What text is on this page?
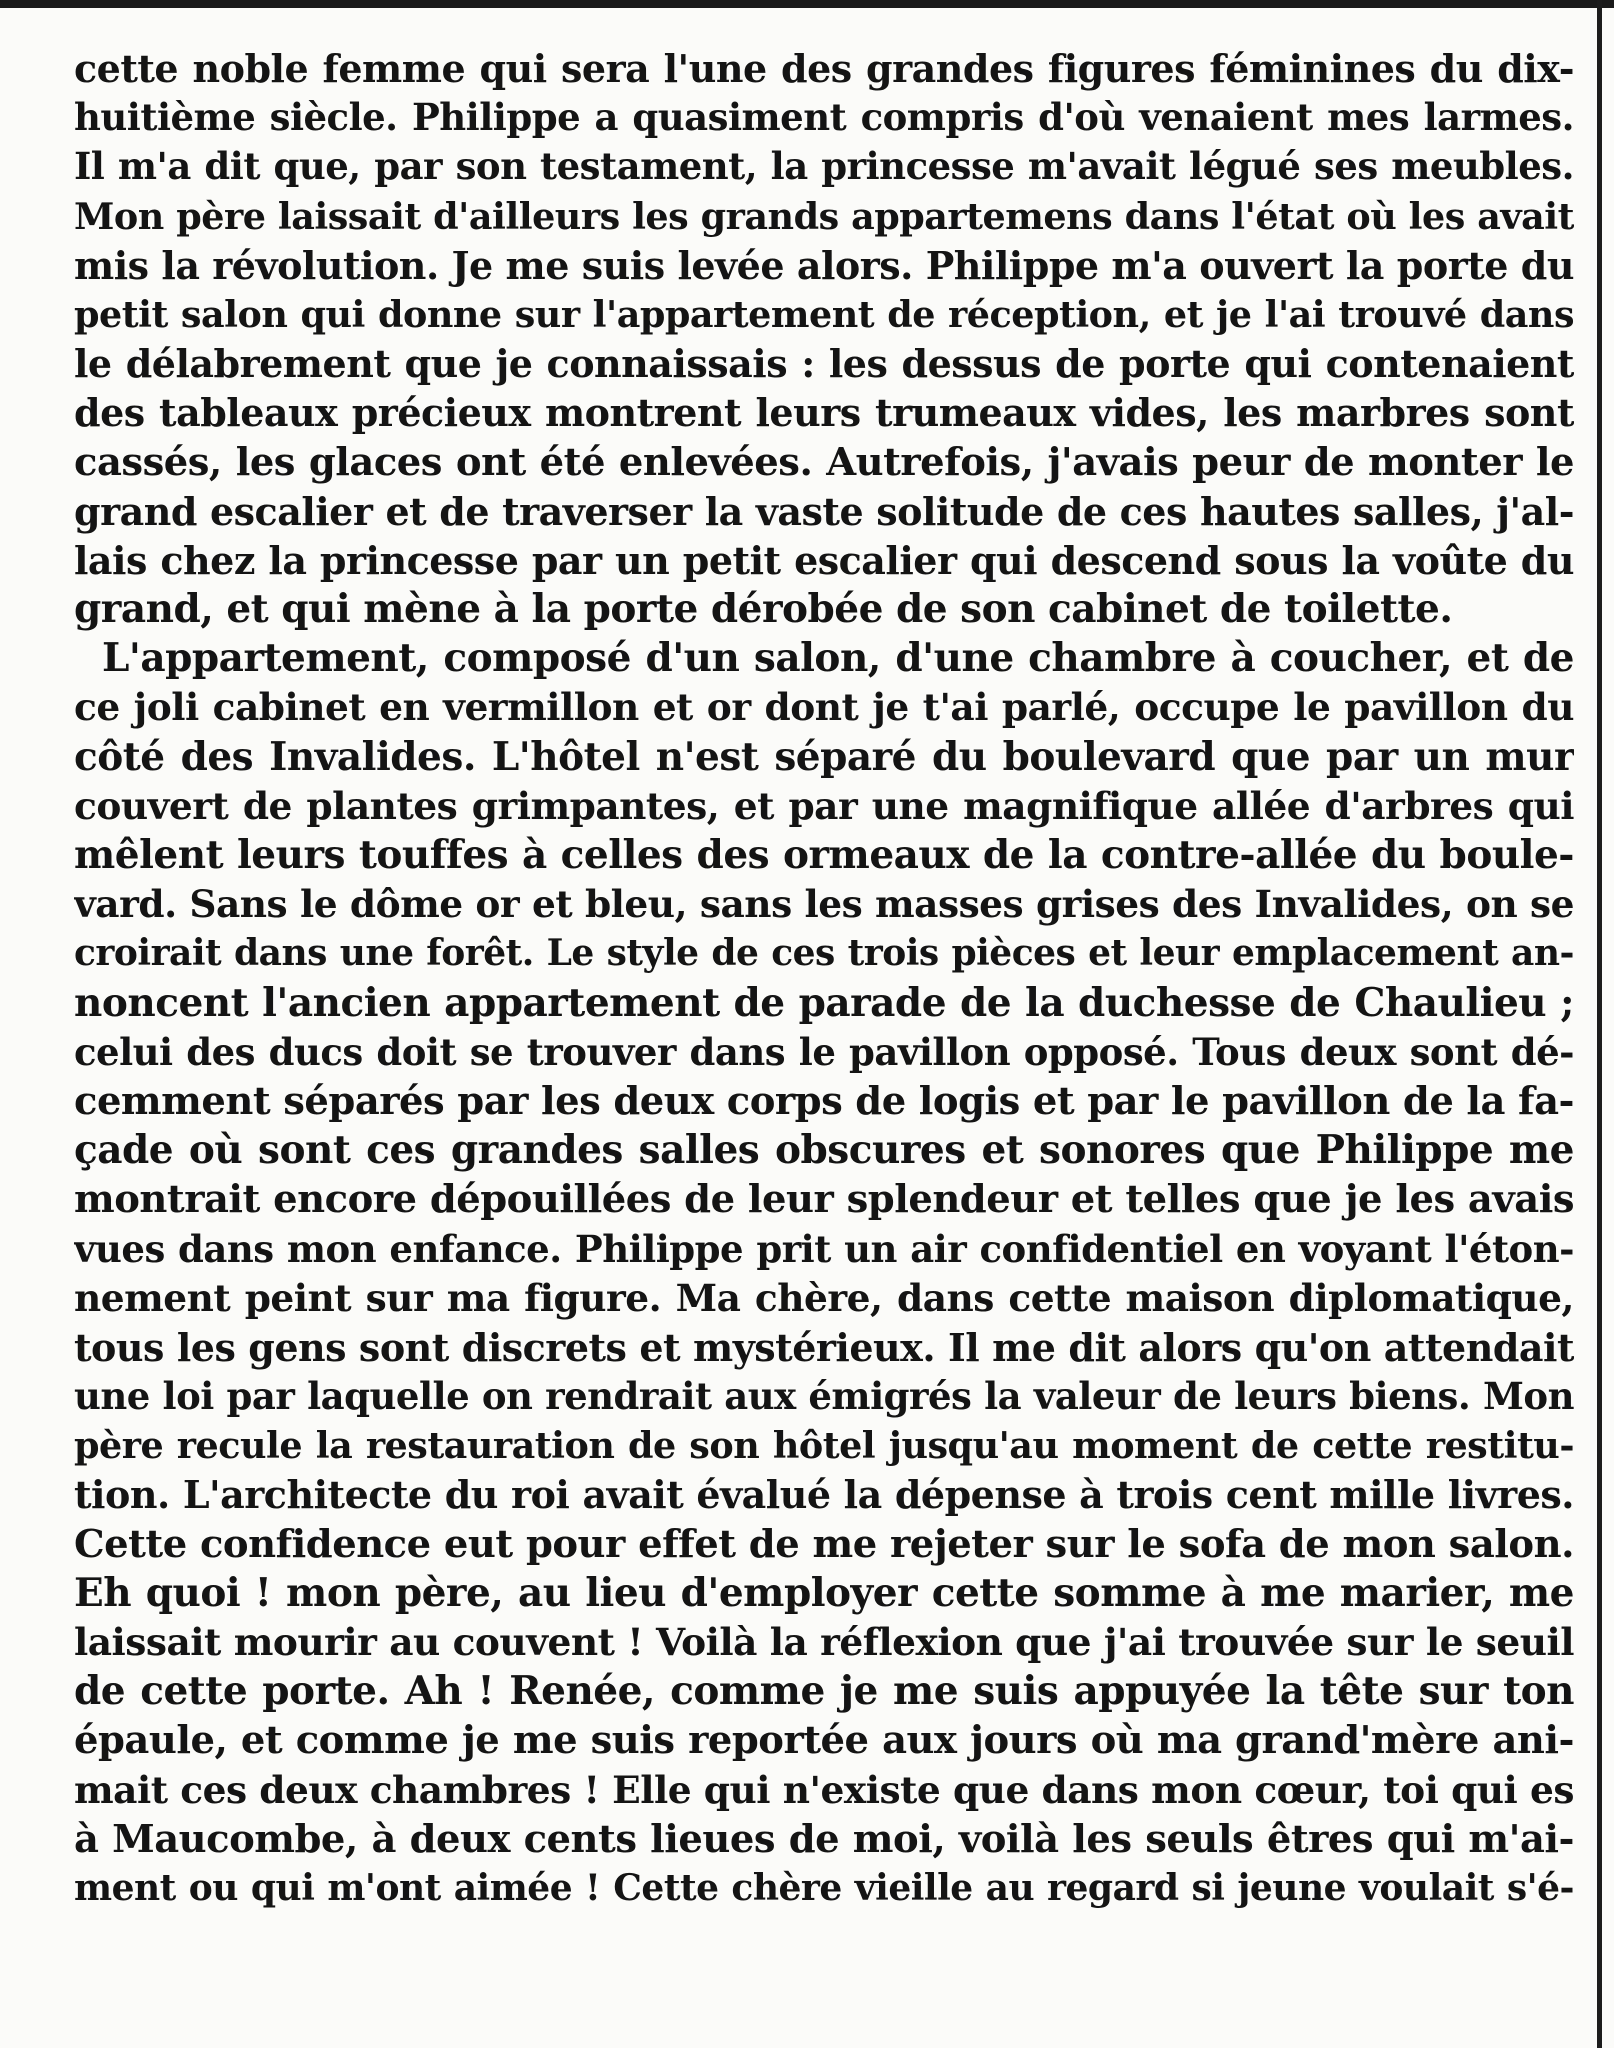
cette noble femme qui sera l'une des grandes figures féminines du dix-
huitième siècle. Philippe a quasiment compris d'où venaient mes larmes.
Il m'a dit que, par son testament, la princesse m'avait légué ses meubles.
Mon père laissait d'ailleurs les grands appartemens dans l'état où les avait
mis la révolution. Je me suis levée alors. Philippe m'a ouvert la porte du
petit salon qui donne sur l'appartement de réception, et je l'ai trouvé dans
le délabrement que je connaissais : les dessus de porte qui contenaient
des tableaux précieux montrent leurs trumeaux vides, les marbres sont
cassés, les glaces ont été enlevées. Autrefois, j'avais peur de monter le
grand escalier et de traverser la vaste solitude de ces hautes salles, j'al-
lais chez la princesse par un petit escalier qui descend sous la voûte du
grand, et qui mène à la porte dérobée de son cabinet de toilette.
L'appartement, composé d'un salon, d'une chambre à coucher, et de
ce joli cabinet en vermillon et or dont je t'ai parlé, occupe le pavillon du
côté des Invalides. L'hôtel n'est séparé du boulevard que par un mur
couvert de plantes grimpantes, et par une magnifique allée d'arbres qui
mêlent leurs touffes à celles des ormeaux de la contre-allée du boule-
vard. Sans le dôme or et bleu, sans les masses grises des Invalides, on se
croirait dans une forêt. Le style de ces trois pièces et leur emplacement an-
noncent l'ancien appartement de parade de la duchesse de Chaulieu ;
celui des ducs doit se trouver dans le pavillon opposé. Tous deux sont dé-
cemment séparés par les deux corps de logis et par le pavillon de la fa-
çade où sont ces grandes salles obscures et sonores que Philippe me
montrait encore dépouillées de leur splendeur et telles que je les avais
vues dans mon enfance. Philippe prit un air confidentiel en voyant l'éton-
nement peint sur ma figure. Ma chère, dans cette maison diplomatique,
tous les gens sont discrets et mystérieux. Il me dit alors qu'on attendait
une loi par laquelle on rendrait aux émigrés la valeur de leurs biens. Mon
père recule la restauration de son hôtel jusqu'au moment de cette restitu-
tion. L'architecte du roi avait évalué la dépense à trois cent mille livres.
Cette confidence eut pour effet de me rejeter sur le sofa de mon salon.
Eh quoi ! mon père, au lieu d'employer cette somme à me marier, me
laissait mourir au couvent ! Voilà la réflexion que j'ai trouvée sur le seuil
de cette porte. Ah ! Renée, comme je me suis appuyée la tête sur ton
épaule, et comme je me suis reportée aux jours où ma grand'mère ani-
mait ces deux chambres ! Elle qui n'existe que dans mon cœur, toi qui es
à Maucombe, à deux cents lieues de moi, voilà les seuls êtres qui m'ai-
ment ou qui m'ont aimée ! Cette chère vieille au regard si jeune voulait s'é-
